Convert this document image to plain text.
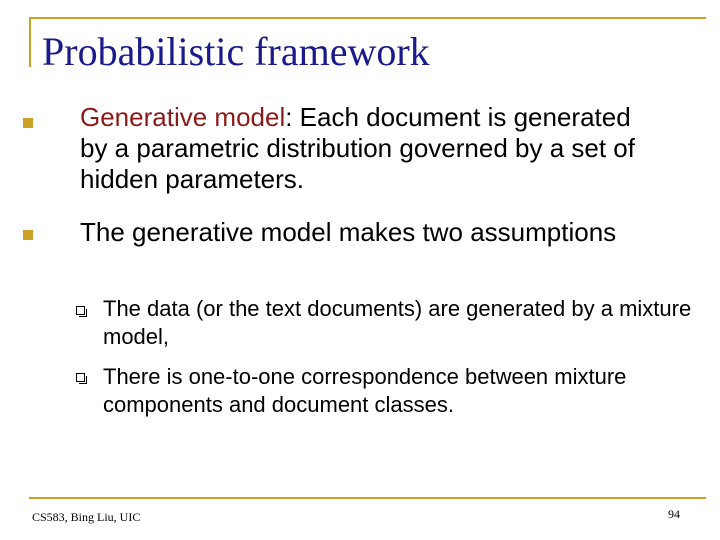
Probabilistic framework
Generative model: Each document is generated by a parametric distribution governed by a set of hidden parameters.
The generative model makes two assumptions
The data (or the text documents) are generated by a mixture model,
There is one-to-one correspondence between mixture components and document classes.
CS583, Bing Liu, UIC	94
